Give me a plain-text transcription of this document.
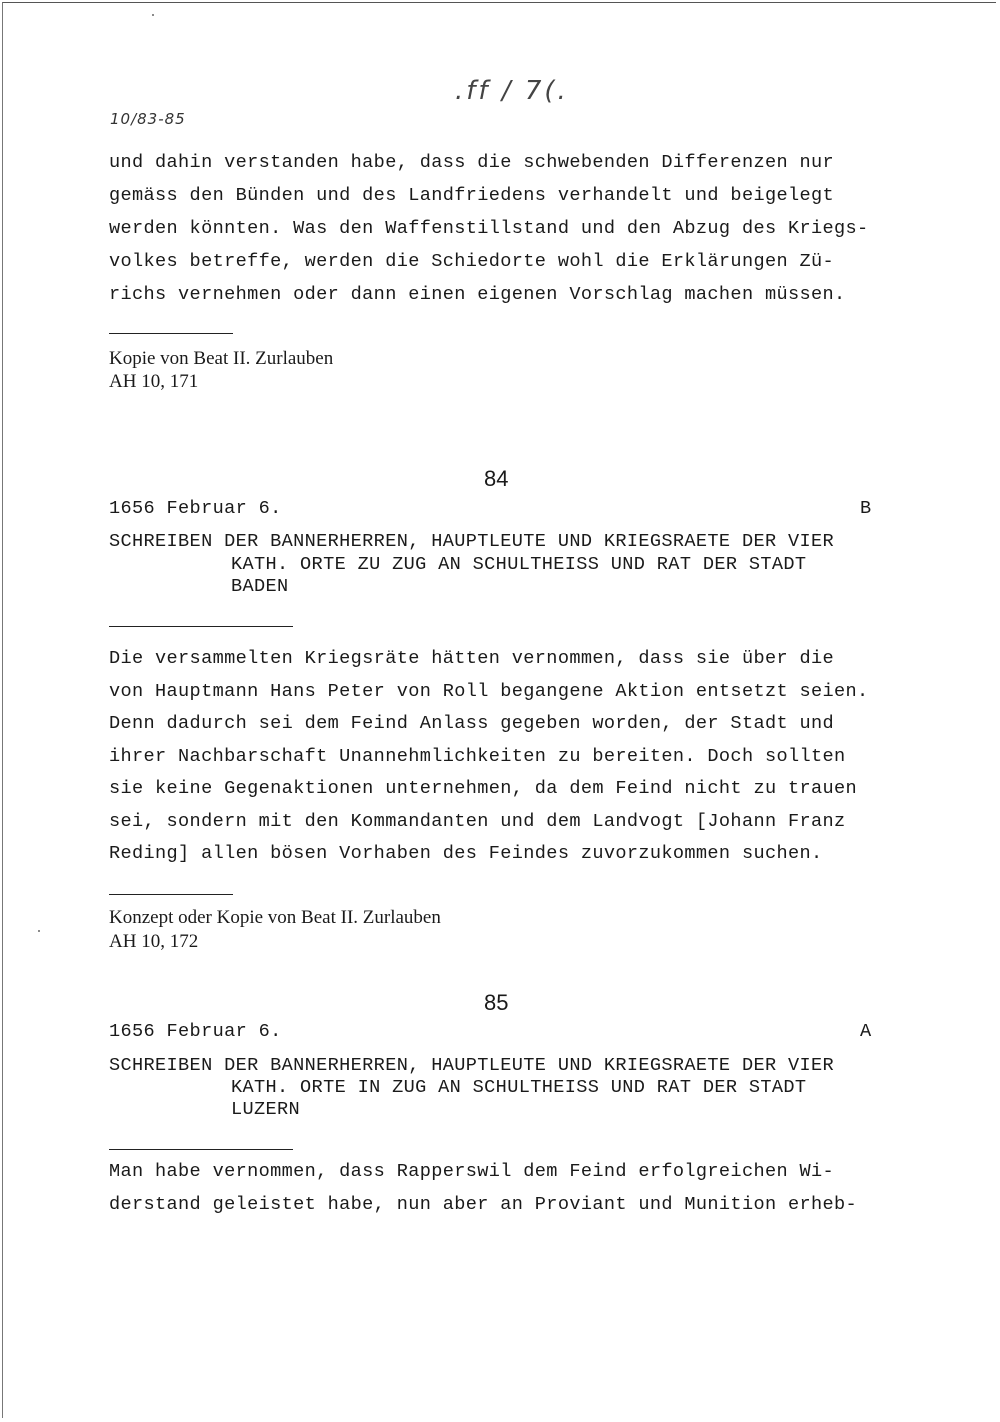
10/83-85
.ff / 7(.
und dahin verstanden habe, dass die schwebenden Differenzen nur
gemäss den Bünden und des Landfriedens verhandelt und beigelegt
werden könnten. Was den Waffenstillstand und den Abzug des Kriegs-
volkes betreffe, werden die Schiedorte wohl die Erklärungen Zü-
richs vernehmen oder dann einen eigenen Vorschlag machen müssen.
Kopie von Beat II. Zurlauben
AH 10, 171
84
1656 Februar 6.	B
SCHREIBEN DER BANNERHERREN, HAUPTLEUTE UND KRIEGSRAETE DER VIER
KATH. ORTE ZU ZUG AN SCHULTHEISS UND RAT DER STADT
BADEN
Die versammelten Kriegsräte hätten vernommen, dass sie über die
von Hauptmann Hans Peter von Roll begangene Aktion entsetzt seien.
Denn dadurch sei dem Feind Anlass gegeben worden, der Stadt und
ihrer Nachbarschaft Unannehmlichkeiten zu bereiten. Doch sollten
sie keine Gegenaktionen unternehmen, da dem Feind nicht zu trauen
sei, sondern mit den Kommandanten und dem Landvogt [Johann Franz
Reding] allen bösen Vorhaben des Feindes zuvorzukommen suchen.
Konzept oder Kopie von Beat II. Zurlauben
AH 10, 172
85
1656 Februar 6.	A
SCHREIBEN DER BANNERHERREN, HAUPTLEUTE UND KRIEGSRAETE DER VIER
KATH. ORTE IN ZUG AN SCHULTHEISS UND RAT DER STADT
LUZERN
Man habe vernommen, dass Rapperswil dem Feind erfolgreichen Wi-
derstand geleistet habe, nun aber an Proviant und Munition erheb-
